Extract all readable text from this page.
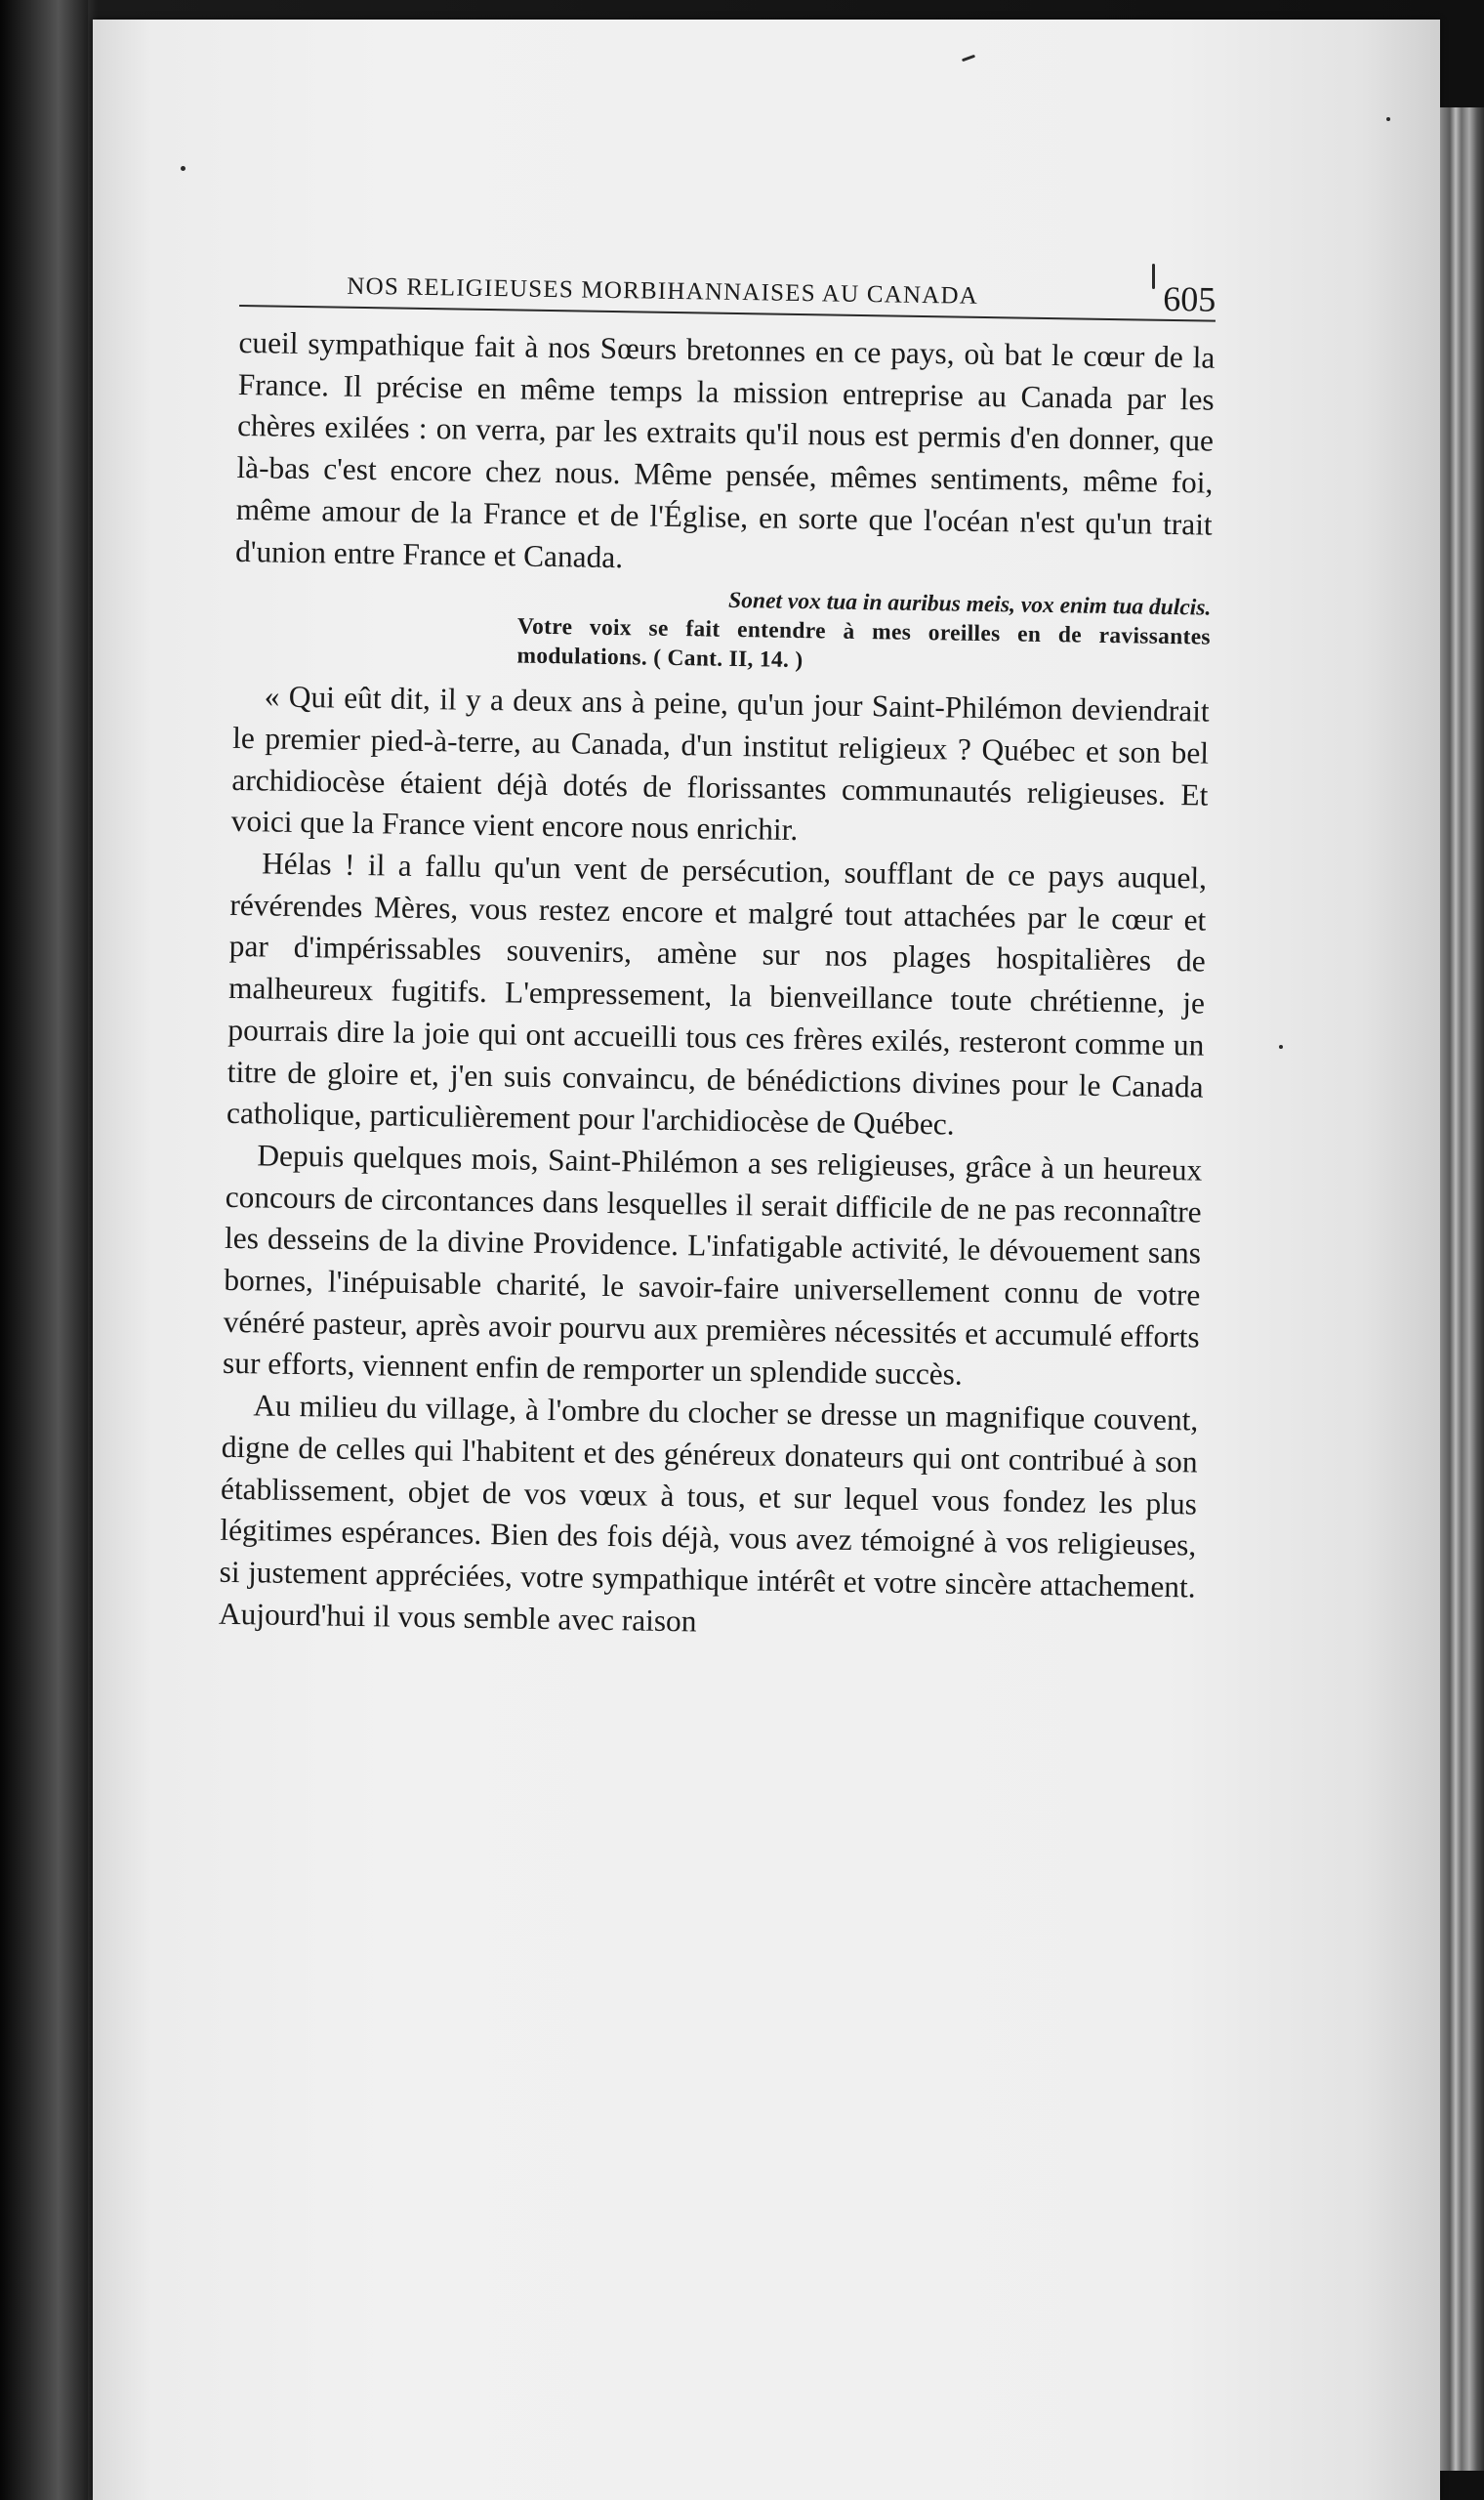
NOS RELIGIEUSES MORBIHANNAISES AU CANADA	605

cueil sympathique fait à nos Sœurs bretonnes en ce pays, où bat le cœur de la France. Il précise en même temps la mission entreprise au Canada par les chères exilées : on verra, par les extraits qu'il nous est permis d'en donner, que là-bas c'est encore chez nous. Même pensée, mêmes sentiments, même foi, même amour de la France et de l'Église, en sorte que l'océan n'est qu'un trait d'union entre France et Canada.

Sonet vox tua in auribus meis, vox enim tua dulcis.
Votre voix se fait entendre à mes oreilles en de ravissantes modulations. ( Cant. II, 14. )

« Qui eût dit, il y a deux ans à peine, qu'un jour Saint-Philémon deviendrait le premier pied-à-terre, au Canada, d'un institut religieux ? Québec et son bel archidiocèse étaient déjà dotés de florissantes communautés religieuses. Et voici que la France vient encore nous enrichir.

Hélas ! il a fallu qu'un vent de persécution, soufflant de ce pays auquel, révérendes Mères, vous restez encore et malgré tout attachées par le cœur et par d'impérissables souvenirs, amène sur nos plages hospitalières de malheureux fugitifs. L'empressement, la bienveillance toute chrétienne, je pourrais dire la joie qui ont accueilli tous ces frères exilés, resteront comme un titre de gloire et, j'en suis convaincu, de bénédictions divines pour le Canada catholique, particulièrement pour l'archidiocèse de Québec.

Depuis quelques mois, Saint-Philémon a ses religieuses, grâce à un heureux concours de circontances dans lesquelles il serait difficile de ne pas reconnaître les desseins de la divine Providence. L'infatigable activité, le dévouement sans bornes, l'inépuisable charité, le savoir-faire universellement connu de votre vénéré pasteur, après avoir pourvu aux premières nécessités et accumulé efforts sur efforts, viennent enfin de remporter un splendide succès.

Au milieu du village, à l'ombre du clocher se dresse un magnifique couvent, digne de celles qui l'habitent et des généreux donateurs qui ont contribué à son établissement, objet de vos vœux à tous, et sur lequel vous fondez les plus légitimes espérances. Bien des fois déjà, vous avez témoigné à vos religieuses, si justement appréciées, votre sympathique intérêt et votre sincère attachement. Aujourd'hui il vous semble avec raison
